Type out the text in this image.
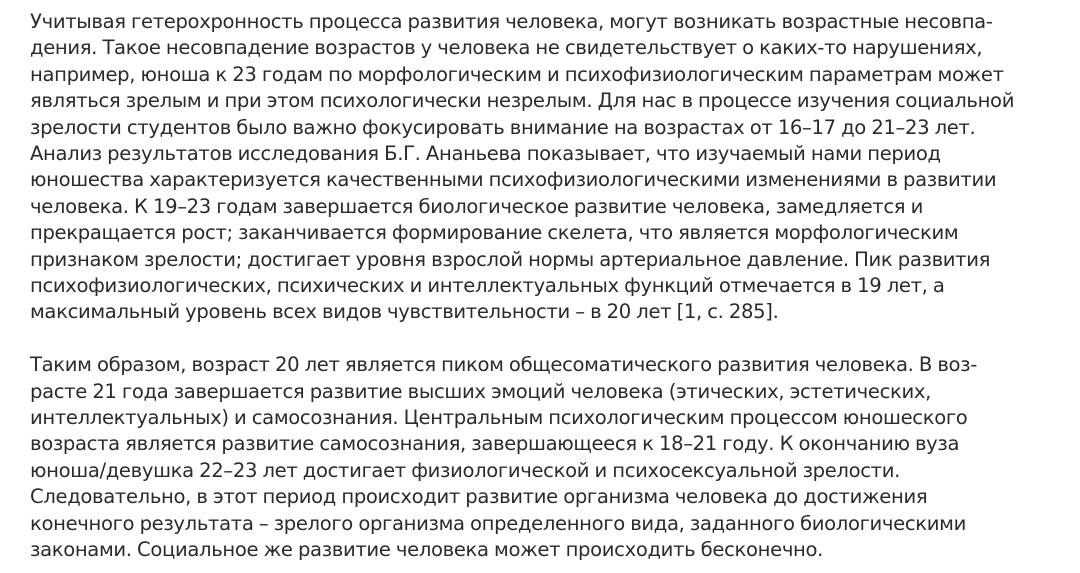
Учитывая гетерохронность процесса развития человека, могут возникать возрастные несовпа-
дения. Такое несовпадение возрастов у человека не свидетельствует о каких-то нарушениях,
например, юноша к 23 годам по морфологическим и психофизиологическим параметрам может
являться зрелым и при этом психологически незрелым. Для нас в процессе изучения социальной
зрелости студентов было важно фокусировать внимание на возрастах от 16–17 до 21–23 лет.
Анализ результатов исследования Б.Г. Ананьева показывает, что изучаемый нами период
юношества характеризуется качественными психофизиологическими изменениями в развитии
человека. К 19–23 годам завершается биологическое развитие человека, замедляется и
прекращается рост; заканчивается формирование скелета, что является морфологическим
признаком зрелости; достигает уровня взрослой нормы артериальное давление. Пик развития
психофизиологических, психических и интеллектуальных функций отмечается в 19 лет, а
максимальный уровень всех видов чувствительности – в 20 лет [1, с. 285].

Таким образом, возраст 20 лет является пиком общесоматического развития человека. В воз-
расте 21 года завершается развитие высших эмоций человека (этических, эстетических,
интеллектуальных) и самосознания. Центральным психологическим процессом юношеского
возраста является развитие самосознания, завершающееся к 18–21 году. К окончанию вуза
юноша/девушка 22–23 лет достигает физиологической и психосексуальной зрелости.
Следовательно, в этот период происходит развитие организма человека до достижения
конечного результата – зрелого организма определенного вида, заданного биологическими
законами. Социальное же развитие человека может происходить бесконечно.
